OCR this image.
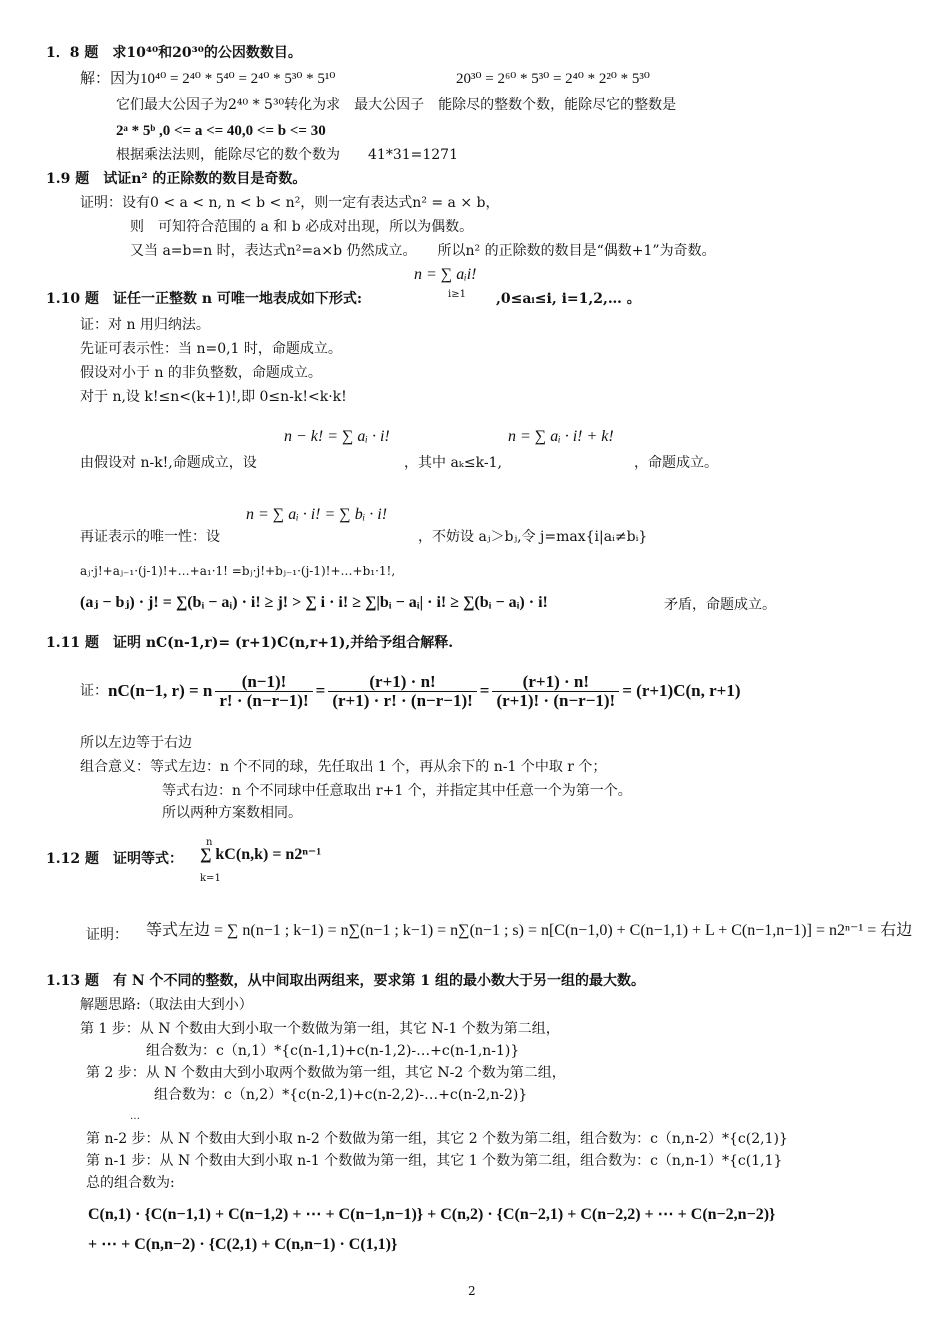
1．8 题　求10⁴⁰和20³⁰的公因数数目。
解：因为10⁴⁰ = 2⁴⁰ * 5⁴⁰ = 2⁴⁰ * 5³⁰ * 5¹⁰	20³⁰ = 2⁶⁰ * 5³⁰ = 2⁴⁰ * 2²⁰ * 5³⁰
它们最大公因子为2⁴⁰ * 5³⁰转化为求　最大公因子　能除尽的整数个数，能除尽它的整数是
2ᵃ * 5ᵇ ,0 <= a <= 40,0 <= b <= 30
根据乘法法则，能除尽它的数个数为　　41*31=1271
1.9 题　试证n² 的正除数的数目是奇数。
证明：设有0 < a < n, n < b < n²，则一定有表达式n² = a × b，
则　可知符合范围的 a 和 b 必成对出现，所以为偶数。
又当 a=b=n 时，表达式n²=a×b 仍然成立。　　所以n² 的正除数的数目是“偶数+1”为奇数。
n = ∑ aᵢi!
i≥1
1.10 题　证任一正整数 n 可唯一地表成如下形式:	,0≤aᵢ≤i, i=1,2,… 。
证：对 n 用归纳法。
先证可表示性：当 n=0,1 时，命题成立。
假设对小于 n 的非负整数，命题成立。
对于 n,设 k!≤n<(k+1)!,即 0≤n-k!<k·k!
n − k! = ∑ aᵢ · i!	n = ∑ aᵢ · i! + k!
由假设对 n-k!,命题成立，设	，其中 aₖ≤k-1,	，命题成立。
n = ∑ aᵢ · i! = ∑ bᵢ · i!
再证表示的唯一性：设	，不妨设 aⱼ＞bⱼ,令 j=max{i|aᵢ≠bᵢ}
aⱼ·j!+aⱼ₋₁·(j-1)!+…+a₁·1! =bⱼ·j!+bⱼ₋₁·(j-1)!+…+b₁·1!,
(aⱼ − bⱼ) · j! = ∑(bᵢ − aᵢ) · i! ≥ j! > ∑ i · i! ≥ ∑|bᵢ − aᵢ| · i! ≥ ∑(bᵢ − aᵢ) · i!	矛盾，命题成立。
1.11 题　证明 nC(n-1,r)= (r+1)C(n,r+1),并给予组合解释.
证： nC(n−1, r) = n $\frac{(n-1)!}{r! \cdot (n-r-1)!} = \frac{(r+1) \cdot n!}{(r+1) \cdot r! \cdot (n-r-1)!} = \frac{(r+1) \cdot n!}{(r+1)! \cdot (n-r-1)!} = (r+1)C(n$, r+1)
所以左边等于右边
组合意义：等式左边：n 个不同的球，先任取出 1 个，再从余下的 n-1 个中取 r 个；
等式右边：n 个不同球中任意取出 r+1 个，并指定其中任意一个为第一个。
所以两种方案数相同。
1.12 题　证明等式：
n
∑ kC(n,k) = n2ⁿ⁻¹
k=1
证明： 等式左边 = ∑ n(n−1 ; k−1) = n∑(n−1 ; k−1) = n∑(n−1 ; s) = n[C(n−1,0) + C(n−1,1) + L + C(n−1,n−1)] = n2ⁿ⁻¹ = 右边
1.13 题　有 N 个不同的整数，从中间取出两组来，要求第 1 组的最小数大于另一组的最大数。
解题思路:（取法由大到小）
第 1 步：从 N 个数由大到小取一个数做为第一组，其它 N-1 个数为第二组，
组合数为：c（n,1）*{c(n-1,1)+c(n-1,2)-…+c(n-1,n-1)}
第 2 步：从 N 个数由大到小取两个数做为第一组，其它 N-2 个数为第二组，
组合数为：c（n,2）*{c(n-2,1)+c(n-2,2)-…+c(n-2,n-2)}
…
第 n-2 步：从 N 个数由大到小取 n-2 个数做为第一组，其它 2 个数为第二组，组合数为：c（n,n-2）*{c(2,1)}
第 n-1 步：从 N 个数由大到小取 n-1 个数做为第一组，其它 1 个数为第二组，组合数为：c（n,n-1）*{c(1,1}
总的组合数为:
C(n,1) · {C(n−1,1) + C(n−1,2) + ⋯ + C(n−1,n−1)} + C(n,2) · {C(n−2,1) + C(n−2,2) + ⋯ + C(n−2,n−2)}
+ ⋯ + C(n,n−2) · {C(2,1) + C(n,n−1) · C(1,1)}
2
